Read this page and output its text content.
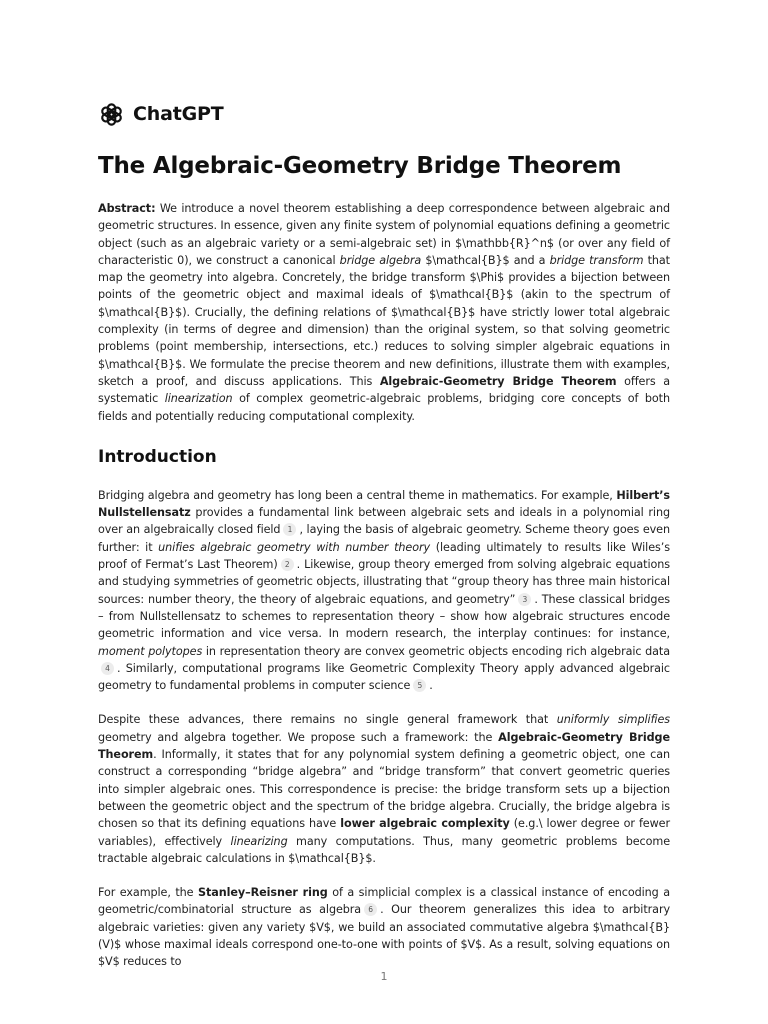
ChatGPT
The Algebraic-Geometry Bridge Theorem

Abstract: We introduce a novel theorem establishing a deep correspondence between algebraic and geometric structures. In essence, given any finite system of polynomial equations defining a geometric object (such as an algebraic variety or a semi-algebraic set) in $\mathbb{R}^n$ (or over any field of characteristic 0), we construct a canonical bridge algebra $\mathcal{B}$ and a bridge transform that map the geometry into algebra. Concretely, the bridge transform $\Phi$ provides a bijection between points of the geometric object and maximal ideals of $\mathcal{B}$ (akin to the spectrum of $\mathcal{B}$). Crucially, the defining relations of $\mathcal{B}$ have strictly lower total algebraic complexity (in terms of degree and dimension) than the original system, so that solving geometric problems (point membership, intersections, etc.) reduces to solving simpler algebraic equations in $\mathcal{B}$. We formulate the precise theorem and new definitions, illustrate them with examples, sketch a proof, and discuss applications. This Algebraic-Geometry Bridge Theorem offers a systematic linearization of complex geometric-algebraic problems, bridging core concepts of both fields and potentially reducing computational complexity.

Introduction

Bridging algebra and geometry has long been a central theme in mathematics. For example, Hilbert’s Nullstellensatz provides a fundamental link between algebraic sets and ideals in a polynomial ring over an algebraically closed field 1 , laying the basis of algebraic geometry. Scheme theory goes even further: it unifies algebraic geometry with number theory (leading ultimately to results like Wiles’s proof of Fermat’s Last Theorem) 2 . Likewise, group theory emerged from solving algebraic equations and studying symmetries of geometric objects, illustrating that “group theory has three main historical sources: number theory, the theory of algebraic equations, and geometry” 3 . These classical bridges – from Nullstellensatz to schemes to representation theory – show how algebraic structures encode geometric information and vice versa. In modern research, the interplay continues: for instance, moment polytopes in representation theory are convex geometric objects encoding rich algebraic data4 . Similarly, computational programs like Geometric Complexity Theory apply advanced algebraic geometry to fundamental problems in computer science 5 .

Despite these advances, there remains no single general framework that uniformly simplifies geometry and algebra together. We propose such a framework: the Algebraic-Geometry Bridge Theorem. Informally, it states that for any polynomial system defining a geometric object, one can construct a corresponding “bridge algebra” and “bridge transform” that convert geometric queries into simpler algebraic ones. This correspondence is precise: the bridge transform sets up a bijection between the geometric object and the spectrum of the bridge algebra. Crucially, the bridge algebra is chosen so that its defining equations have lower algebraic complexity (e.g.\ lower degree or fewer variables), effectively linearizing many computations. Thus, many geometric problems become tractable algebraic calculations in $\mathcal{B}$.

For example, the Stanley–Reisner ring of a simplicial complex is a classical instance of encoding a geometric/combinatorial structure as algebra 6 . Our theorem generalizes this idea to arbitrary algebraic varieties: given any variety $V$, we build an associated commutative algebra $\mathcal{B}(V)$ whose maximal ideals correspond one-to-one with points of $V$. As a result, solving equations on $V$ reduces to

1
